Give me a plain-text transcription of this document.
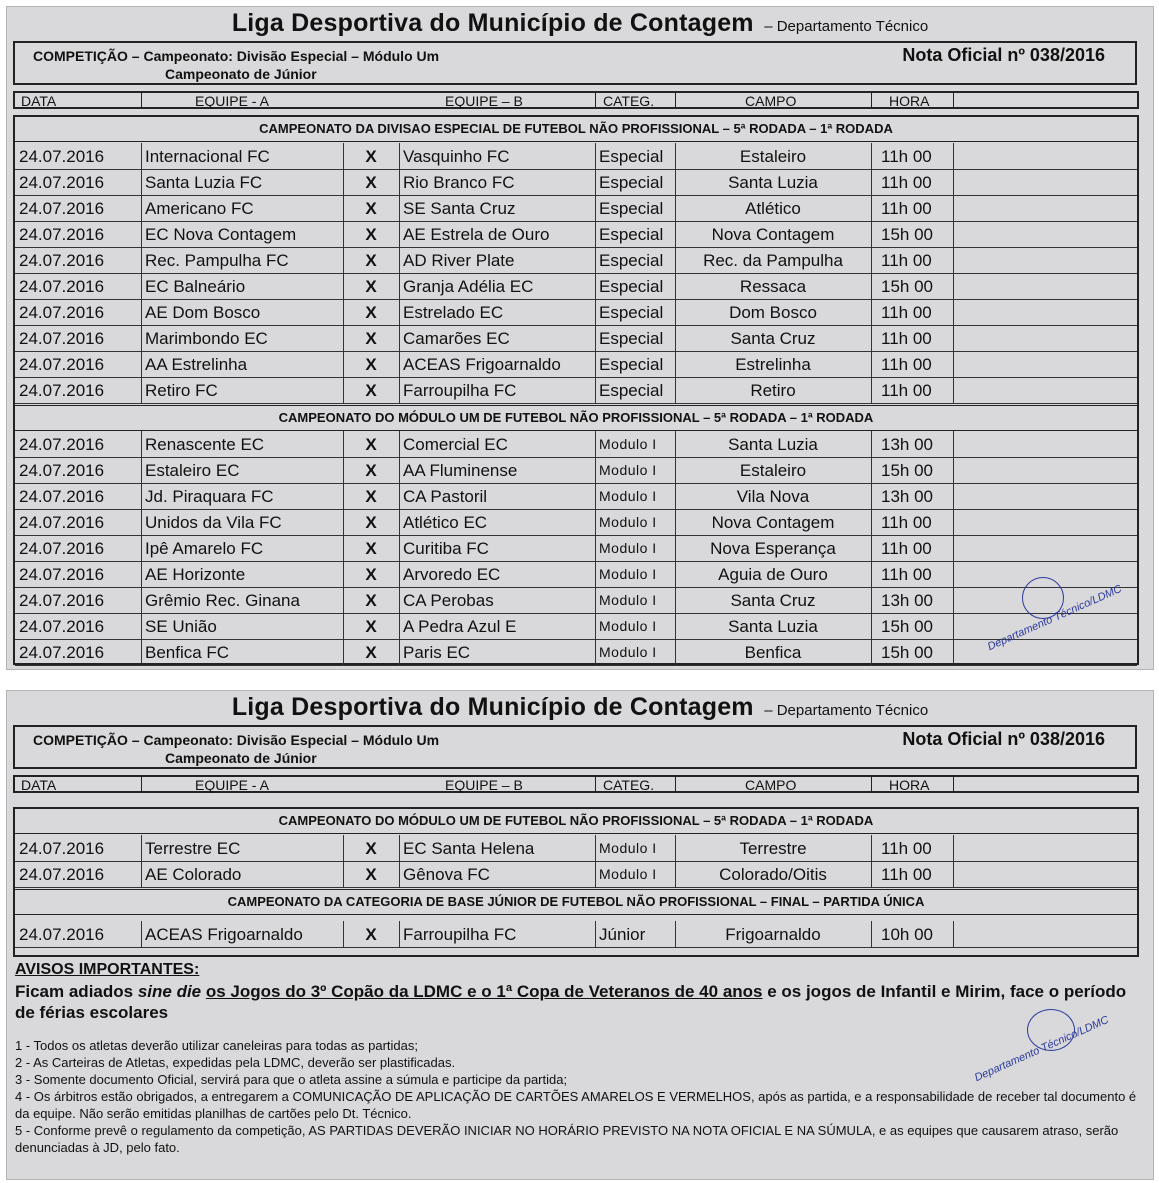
Liga Desportiva do Município de Contagem – Departamento Técnico
COMPETIÇÃO – Campeonato: Divisão Especial – Módulo Um
Campeonato de Júnior
Nota Oficial nº 038/2016
DATA	EQUIPE - A	EQUIPE – B	CATEG.	CAMPO	HORA
CAMPEONATO DA DIVISAO ESPECIAL DE FUTEBOL NÃO PROFISSIONAL – 5ª RODADA – 1ª RODADA
24.07.2016	Internacional FC	X	Vasquinho FC	Especial	Estaleiro	11h 00
24.07.2016	Santa Luzia FC	X	Rio Branco FC	Especial	Santa Luzia	11h 00
24.07.2016	Americano FC	X	SE Santa Cruz	Especial	Atlético	11h 00
24.07.2016	EC Nova Contagem	X	AE Estrela de Ouro	Especial	Nova Contagem	15h 00
24.07.2016	Rec. Pampulha FC	X	AD River Plate	Especial	Rec. da Pampulha	11h 00
24.07.2016	EC Balneário	X	Granja Adélia EC	Especial	Ressaca	15h 00
24.07.2016	AE Dom Bosco	X	Estrelado EC	Especial	Dom Bosco	11h 00
24.07.2016	Marimbondo EC	X	Camarões EC	Especial	Santa Cruz	11h 00
24.07.2016	AA Estrelinha	X	ACEAS Frigoarnaldo	Especial	Estrelinha	11h 00
24.07.2016	Retiro FC	X	Farroupilha FC	Especial	Retiro	11h 00
CAMPEONATO DO MÓDULO UM DE FUTEBOL NÃO PROFISSIONAL – 5ª RODADA – 1ª RODADA
24.07.2016	Renascente EC	X	Comercial EC	Modulo I	Santa Luzia	13h 00
24.07.2016	Estaleiro EC	X	AA Fluminense	Modulo I	Estaleiro	15h 00
24.07.2016	Jd. Piraquara FC	X	CA Pastoril	Modulo I	Vila Nova	13h 00
24.07.2016	Unidos da Vila FC	X	Atlético EC	Modulo I	Nova Contagem	11h 00
24.07.2016	Ipê Amarelo FC	X	Curitiba FC	Modulo I	Nova Esperança	11h 00
24.07.2016	AE Horizonte	X	Arvoredo EC	Modulo I	Aguia de Ouro	11h 00
24.07.2016	Grêmio Rec. Ginana	X	CA Perobas	Modulo I	Santa Cruz	13h 00
24.07.2016	SE União	X	A Pedra Azul E	Modulo I	Santa Luzia	15h 00
24.07.2016	Benfica FC	X	Paris EC	Modulo I	Benfica	15h 00	Departamento Técnico/LDMC
Liga Desportiva do Município de Contagem – Departamento Técnico
COMPETIÇÃO – Campeonato: Divisão Especial – Módulo Um
Campeonato de Júnior
Nota Oficial nº 038/2016
DATA	EQUIPE - A	EQUIPE – B	CATEG.	CAMPO	HORA
CAMPEONATO DO MÓDULO UM DE FUTEBOL NÃO PROFISSIONAL – 5ª RODADA – 1ª RODADA
24.07.2016	Terrestre EC	X	EC Santa Helena	Modulo I	Terrestre	11h 00
24.07.2016	AE Colorado	X	Gênova FC	Modulo I	Colorado/Oitis	11h 00
CAMPEONATO DA CATEGORIA DE BASE JÚNIOR DE FUTEBOL NÃO PROFISSIONAL – FINAL – PARTIDA ÚNICA
24.07.2016	ACEAS Frigoarnaldo	X	Farroupilha FC	Júnior	Frigoarnaldo	10h 00
AVISOS IMPORTANTES:
Ficam adiados sine die os Jogos do 3º Copão da LDMC e o 1ª Copa de Veteranos de 40 anos e os jogos de Infantil e Mirim, face o período de férias escolares
1 - Todos os atletas deverão utilizar caneleiras para todas as partidas;
2 - As Carteiras de Atletas, expedidas pela LDMC, deverão ser plastificadas.
3 - Somente documento Oficial, servirá para que o atleta assine a súmula e participe da partida;
4 - Os árbitros estão obrigados, a entregarem a COMUNICAÇÃO DE APLICAÇÃO DE CARTÕES AMARELOS E VERMELHOS, após as partida, e a responsabilidade de receber tal documento é da equipe. Não serão emitidas planilhas de cartões pelo Dt. Técnico.
5 - Conforme prevê o regulamento da competição, AS PARTIDAS DEVERÃO INICIAR NO HORÁRIO PREVISTO NA NOTA OFICIAL E NA SÚMULA, e as equipes que causarem atraso, serão denunciadas à JD, pelo fato.
Departamento Técnico/LDMC
